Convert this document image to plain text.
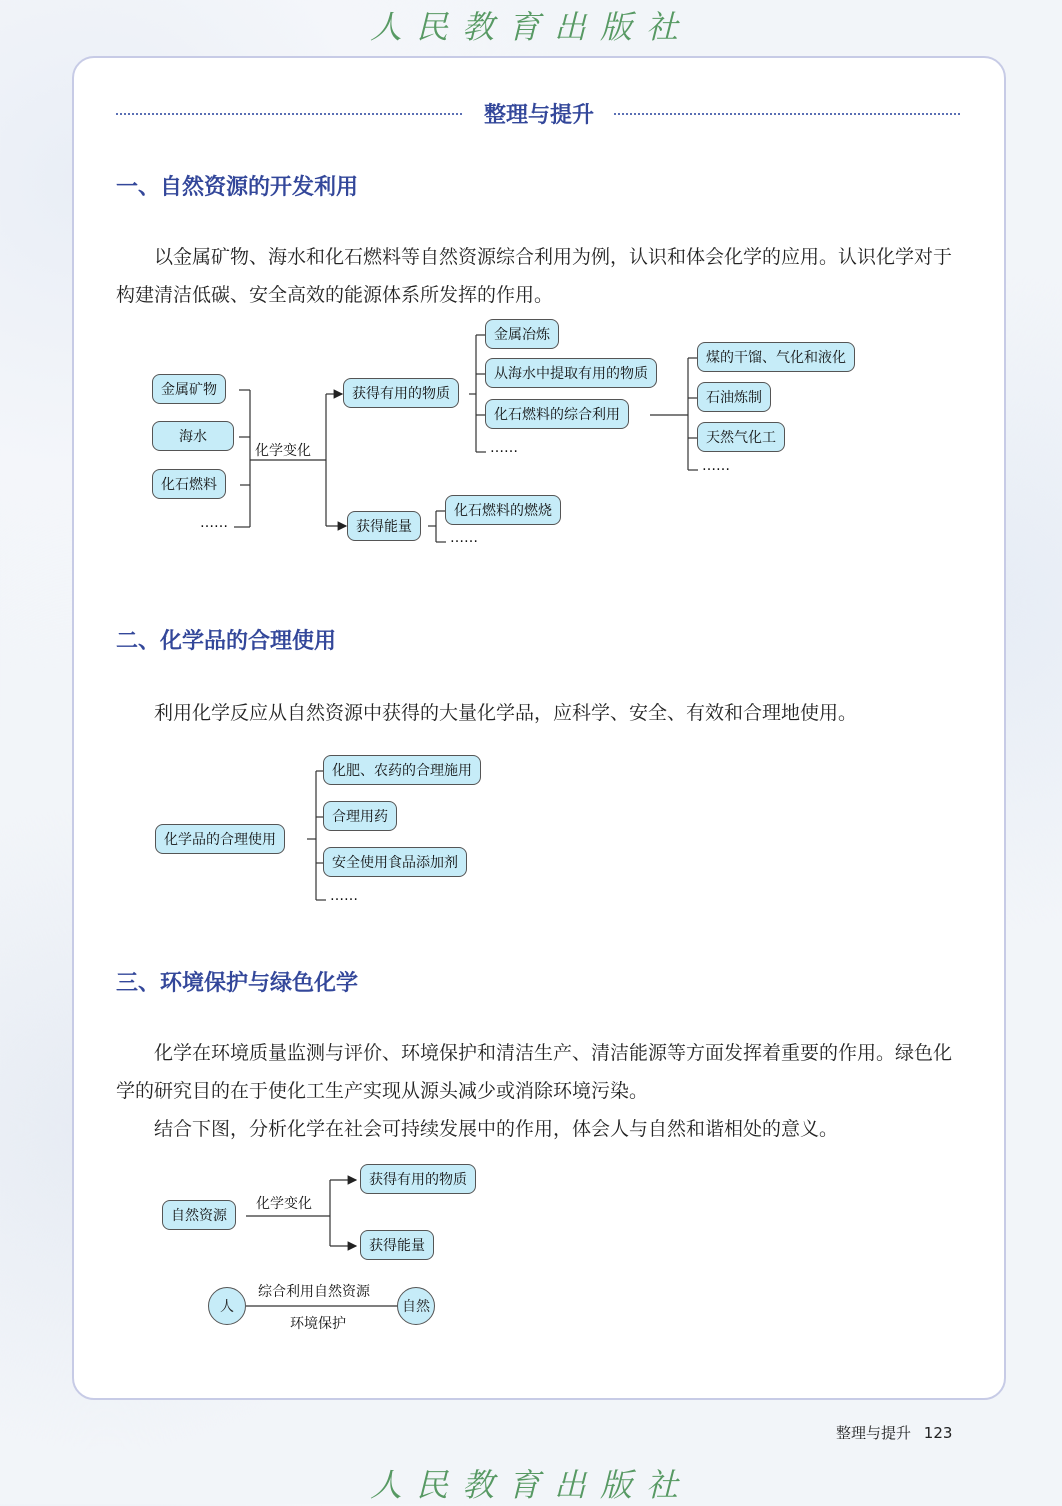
人民教育出版社
整理与提升
一、自然资源的开发利用

以金属矿物、海水和化石燃料等自然资源综合利用为例，认识和体会化学的应用。认识化学对于构建清洁低碳、安全高效的能源体系所发挥的作用。

二、化学品的合理使用

利用化学反应从自然资源中获得的大量化学品，应科学、安全、有效和合理地使用。

三、环境保护与绿色化学

化学在环境质量监测与评价、环境保护和清洁生产、清洁能源等方面发挥着重要的作用。绿色化学的研究目的在于使化工生产实现从源头减少或消除环境污染。

结合下图，分析化学在社会可持续发展中的作用，体会人与自然和谐相处的意义。

金属矿物
海水
化石燃料
……
化学变化
获得有用的物质
获得能量
金属冶炼
从海水中提取有用的物质
化石燃料的综合利用
……
煤的干馏、气化和液化
石油炼制
天然气化工
……
化石燃料的燃烧
……
化学品的合理使用
化肥、农药的合理施用
合理用药
安全使用食品添加剂
……
自然资源
化学变化
获得有用的物质
获得能量
人	自然
综合利用自然资源
环境保护
整理与提升 123
人民教育出版社
